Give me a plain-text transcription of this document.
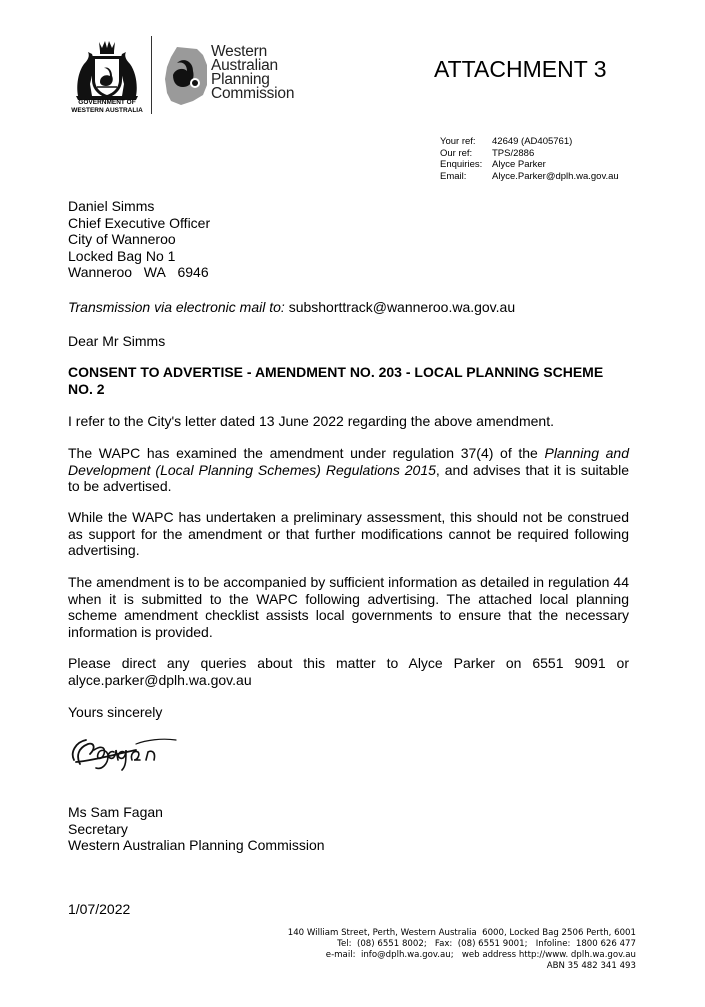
GOVERNMENT OF
WESTERN AUSTRALIA
Western
Australian
Planning
Commission
ATTACHMENT 3
Your ref:	42649 (AD405761)
Our ref:	TPS/2886
Enquiries:	Alyce Parker
Email:	Alyce.Parker@dplh.wa.gov.au
Daniel Simms
Chief Executive Officer
City of Wanneroo
Locked Bag No 1
Wanneroo WA 6946
Transmission via electronic mail to: subshorttrack@wanneroo.wa.gov.au
Dear Mr Simms
CONSENT TO ADVERTISE - AMENDMENT NO. 203 - LOCAL PLANNING SCHEME NO. 2

I refer to the City's letter dated 13 June 2022 regarding the above amendment.

The WAPC has examined the amendment under regulation 37(4) of the Planning and Development (Local Planning Schemes) Regulations 2015, and advises that it is suitable to be advertised.

While the WAPC has undertaken a preliminary assessment, this should not be construed as support for the amendment or that further modifications cannot be required following advertising.

The amendment is to be accompanied by sufficient information as detailed in regulation 44 when it is submitted to the WAPC following advertising. The attached local planning scheme amendment checklist assists local governments to ensure that the necessary information is provided.

Please direct any queries about this matter to Alyce Parker on 6551 9091 or alyce.parker@dplh.wa.gov.au

Yours sincerely
Ms Sam Fagan
Secretary
Western Australian Planning Commission
1/07/2022
140 William Street, Perth, Western Australia  6000, Locked Bag 2506 Perth, 6001
Tel:  (08) 6551 8002;   Fax:  (08) 6551 9001;   Infoline:  1800 626 477
e-mail:  info@dplh.wa.gov.au;   web address http://www. dplh.wa.gov.au
ABN 35 482 341 493
